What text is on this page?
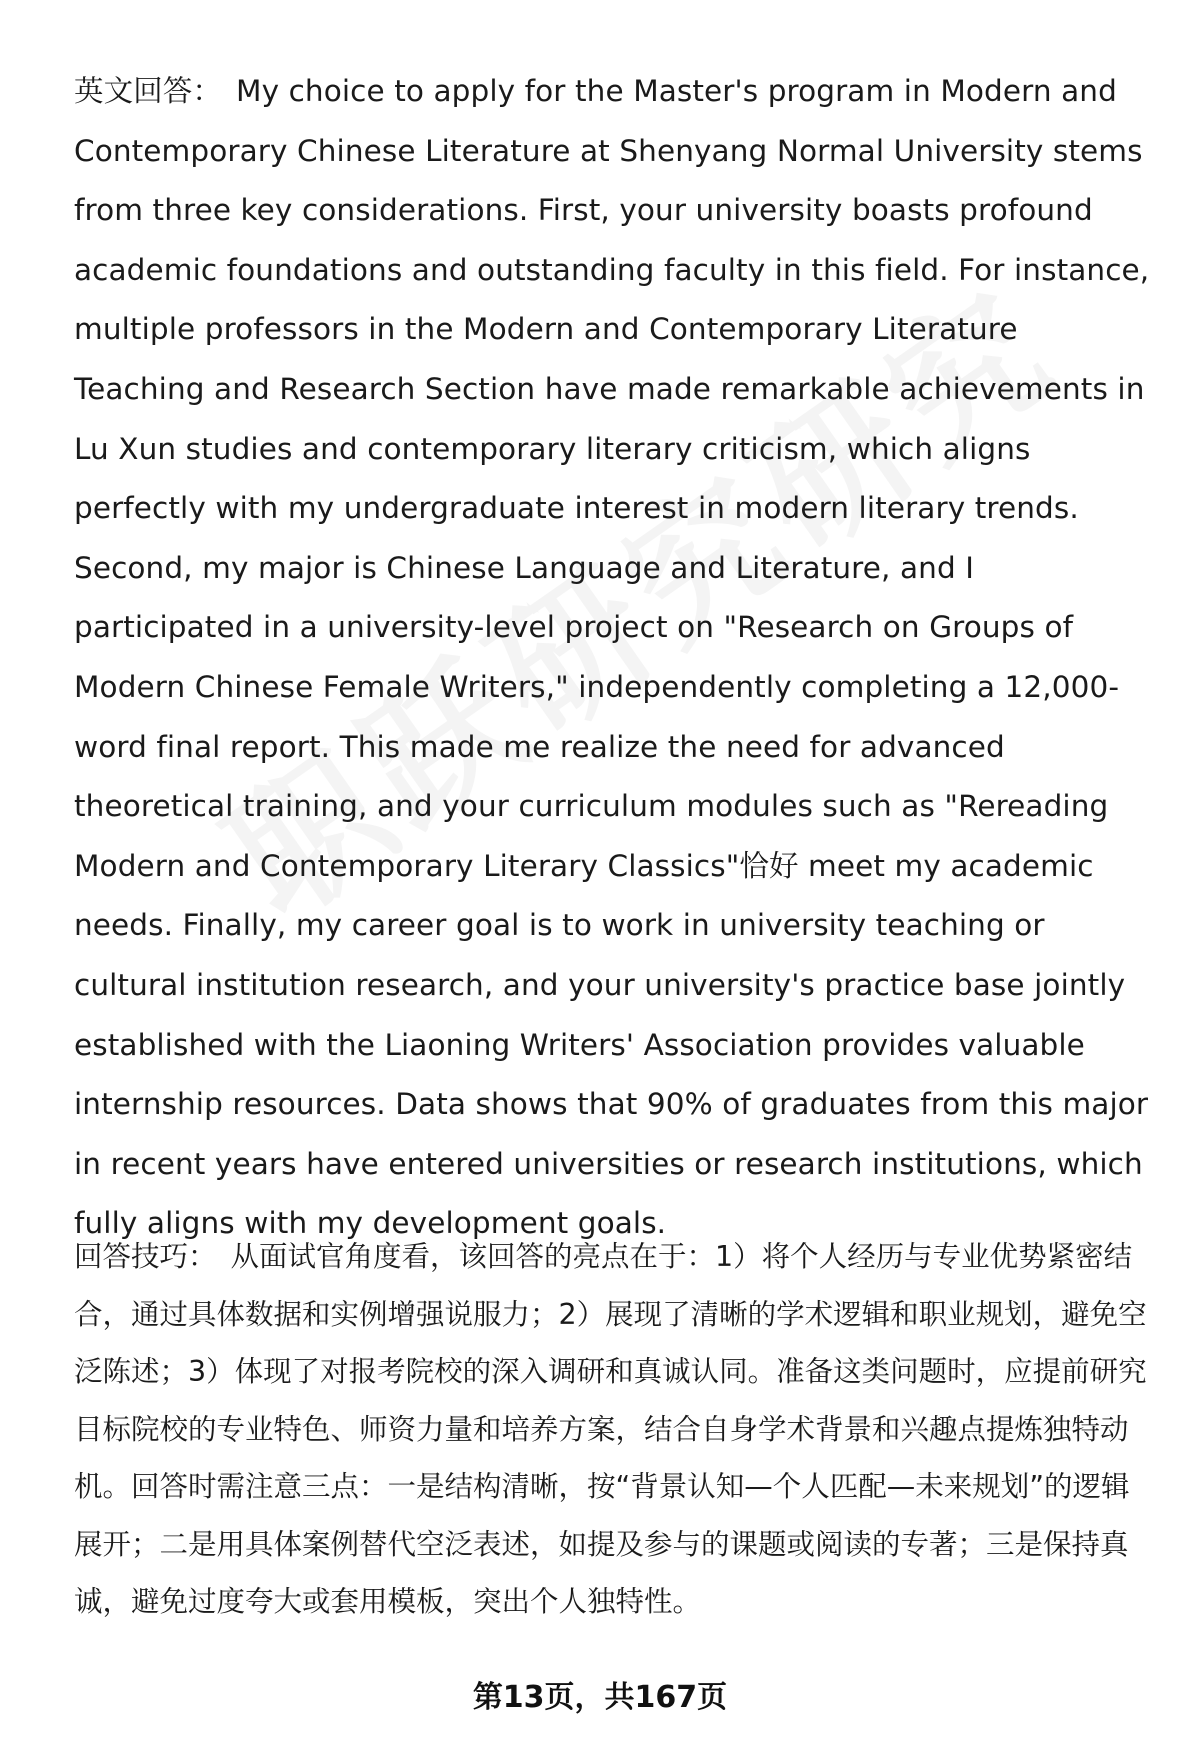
英文回答： My choice to apply for the Master's program in Modern and Contemporary Chinese Literature at Shenyang Normal University stems from three key considerations. First, your university boasts profound academic foundations and outstanding faculty in this field. For instance, multiple professors in the Modern and Contemporary Literature Teaching and Research Section have made remarkable achievements in Lu Xun studies and contemporary literary criticism, which aligns perfectly with my undergraduate interest in modern literary trends. Second, my major is Chinese Language and Literature, and I participated in a university-level project on "Research on Groups of Modern Chinese Female Writers," independently completing a 12,000-word final report. This made me realize the need for advanced theoretical training, and your curriculum modules such as "Rereading Modern and Contemporary Literary Classics"恰好 meet my academic needs. Finally, my career goal is to work in university teaching or cultural institution research, and your university's practice base jointly established with the Liaoning Writers' Association provides valuable internship resources. Data shows that 90% of graduates from this major in recent years have entered universities or research institutions, which fully aligns with my development goals.
回答技巧： 从面试官角度看，该回答的亮点在于：1）将个人经历与专业优势紧密结合，通过具体数据和实例增强说服力；2）展现了清晰的学术逻辑和职业规划，避免空泛陈述；3）体现了对报考院校的深入调研和真诚认同。准备这类问题时，应提前研究目标院校的专业特色、师资力量和培养方案，结合自身学术背景和兴趣点提炼独特动机。回答时需注意三点：一是结构清晰，按“背景认知—个人匹配—未来规划”的逻辑展开；二是用具体案例替代空泛表述，如提及参与的课题或阅读的专著；三是保持真诚，避免过度夸大或套用模板，突出个人独特性。
第13页，共167页
